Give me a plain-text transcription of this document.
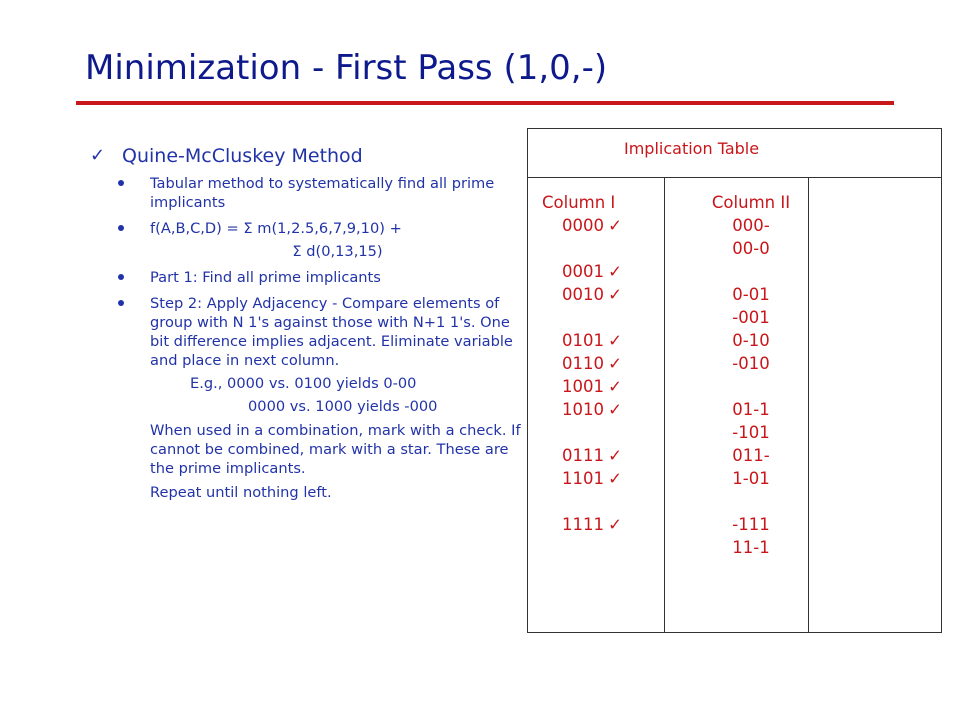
Minimization - First Pass (1,0,-)
✓ Quine-McCluskey Method
Tabular method to systematically find all prime implicants
f(A,B,C,D) = Σ m(1,2.5,6,7,9,10) +
Σ d(0,13,15)
Part 1: Find all prime implicants
Step 2: Apply Adjacency - Compare elements of group with N 1's against those with N+1 1's. One bit difference implies adjacent. Eliminate variable and place in next column.
E.g., 0000 vs. 0100 yields 0-00
0000 vs. 1000 yields -000
When used in a combination, mark with a check. If cannot be combined, mark with a star. These are the prime implicants.
Repeat until nothing left.
Implication Table
Column I
0000 ✓
0001 ✓
0010 ✓
0101 ✓
0110 ✓
1001 ✓
1010 ✓
0111 ✓
1101 ✓
1111 ✓
Column II
000-
00-0
0-01
-001
0-10
-010
01-1
-101
011-
1-01
-111
11-1
